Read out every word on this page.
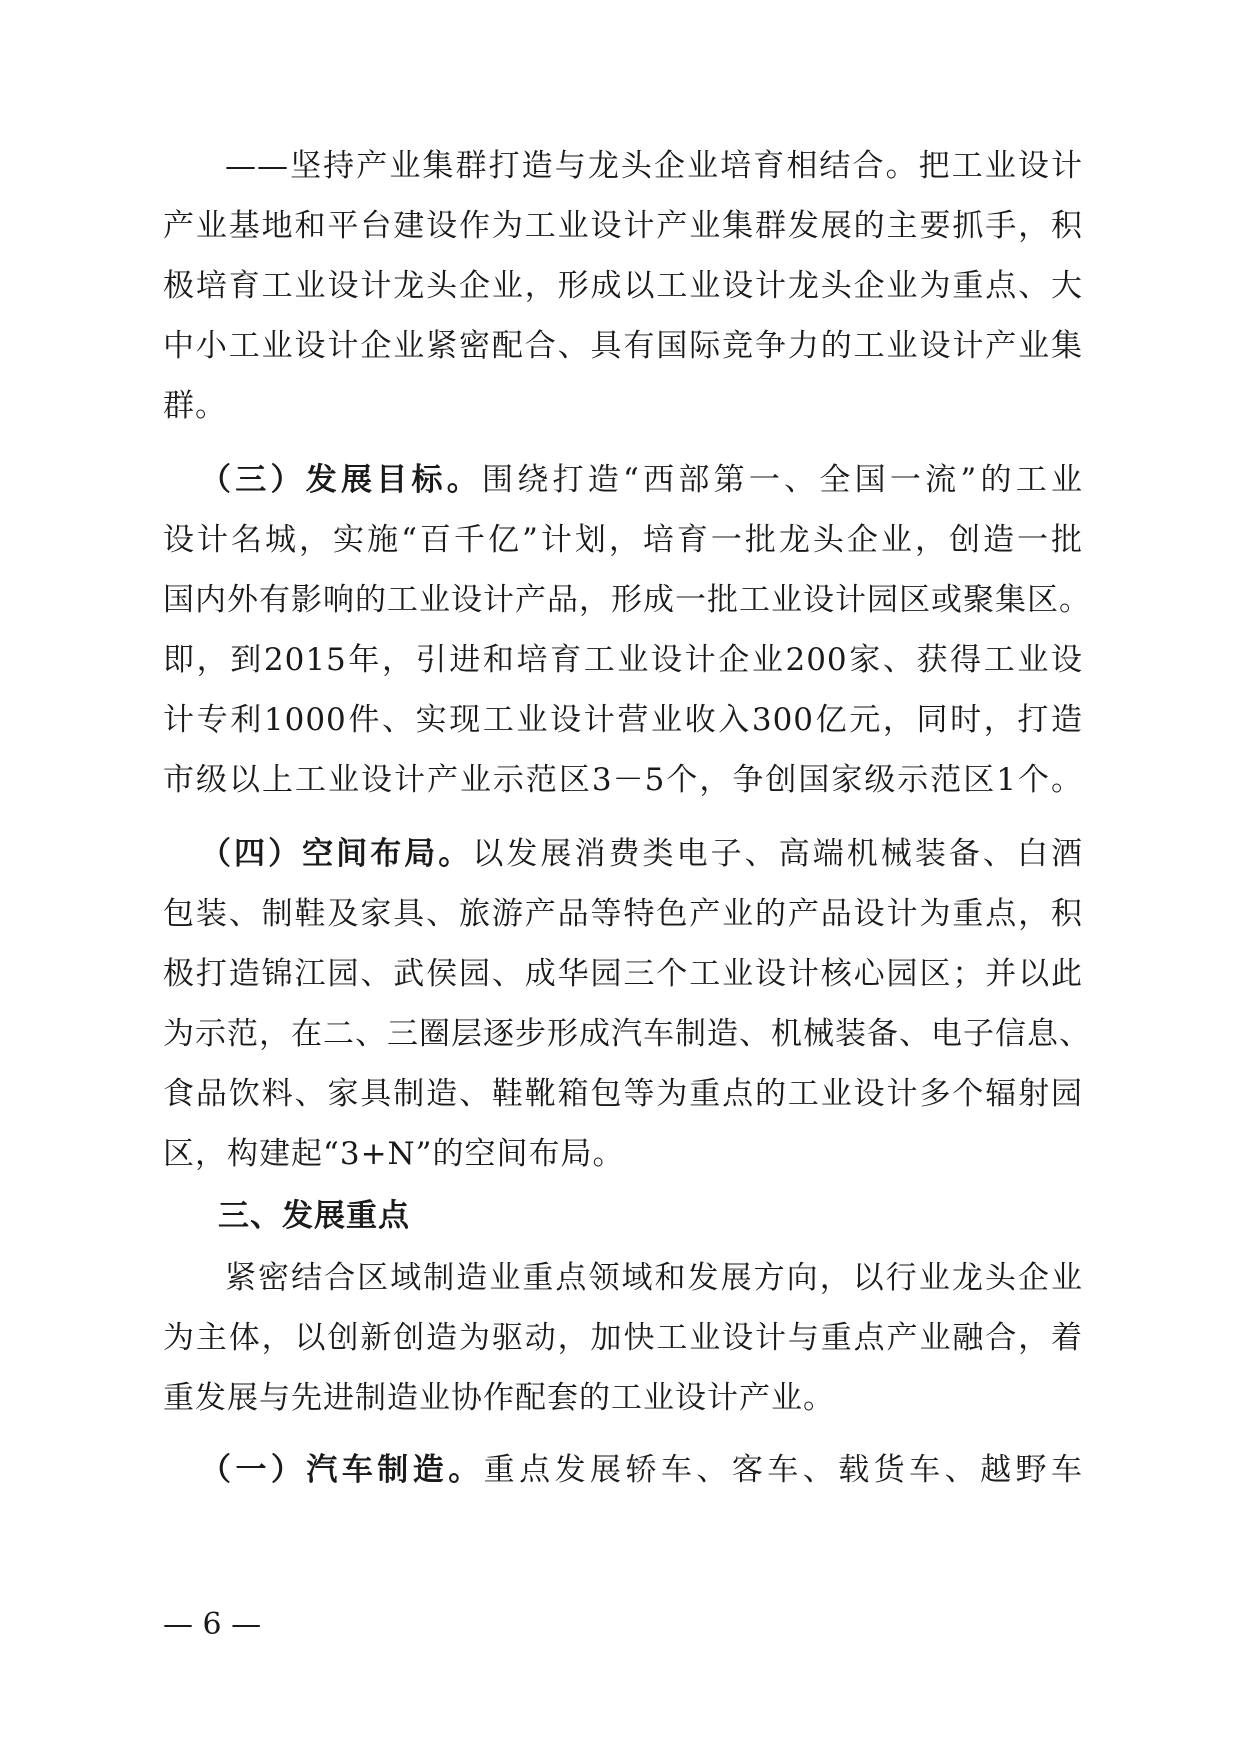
——坚持产业集群打造与龙头企业培育相结合。把工业设计
产业基地和平台建设作为工业设计产业集群发展的主要抓手，积
极培育工业设计龙头企业，形成以工业设计龙头企业为重点、大
中小工业设计企业紧密配合、具有国际竞争力的工业设计产业集
群。
（三）发展目标。围绕打造“西部第一、全国一流”的工业
设计名城，实施“百千亿”计划，培育一批龙头企业，创造一批
国内外有影响的工业设计产品，形成一批工业设计园区或聚集区。
即，到2015年，引进和培育工业设计企业200家、获得工业设
计专利1000件、实现工业设计营业收入300亿元，同时，打造
市级以上工业设计产业示范区3－5个，争创国家级示范区1个。
（四）空间布局。以发展消费类电子、高端机械装备、白酒
包装、制鞋及家具、旅游产品等特色产业的产品设计为重点，积
极打造锦江园、武侯园、成华园三个工业设计核心园区；并以此
为示范，在二、三圈层逐步形成汽车制造、机械装备、电子信息、
食品饮料、家具制造、鞋靴箱包等为重点的工业设计多个辐射园
区，构建起“3+N”的空间布局。
三、发展重点
紧密结合区域制造业重点领域和发展方向，以行业龙头企业
为主体，以创新创造为驱动，加快工业设计与重点产业融合，着
重发展与先进制造业协作配套的工业设计产业。
（一）汽车制造。重点发展轿车、客车、载货车、越野车
— 6 —
